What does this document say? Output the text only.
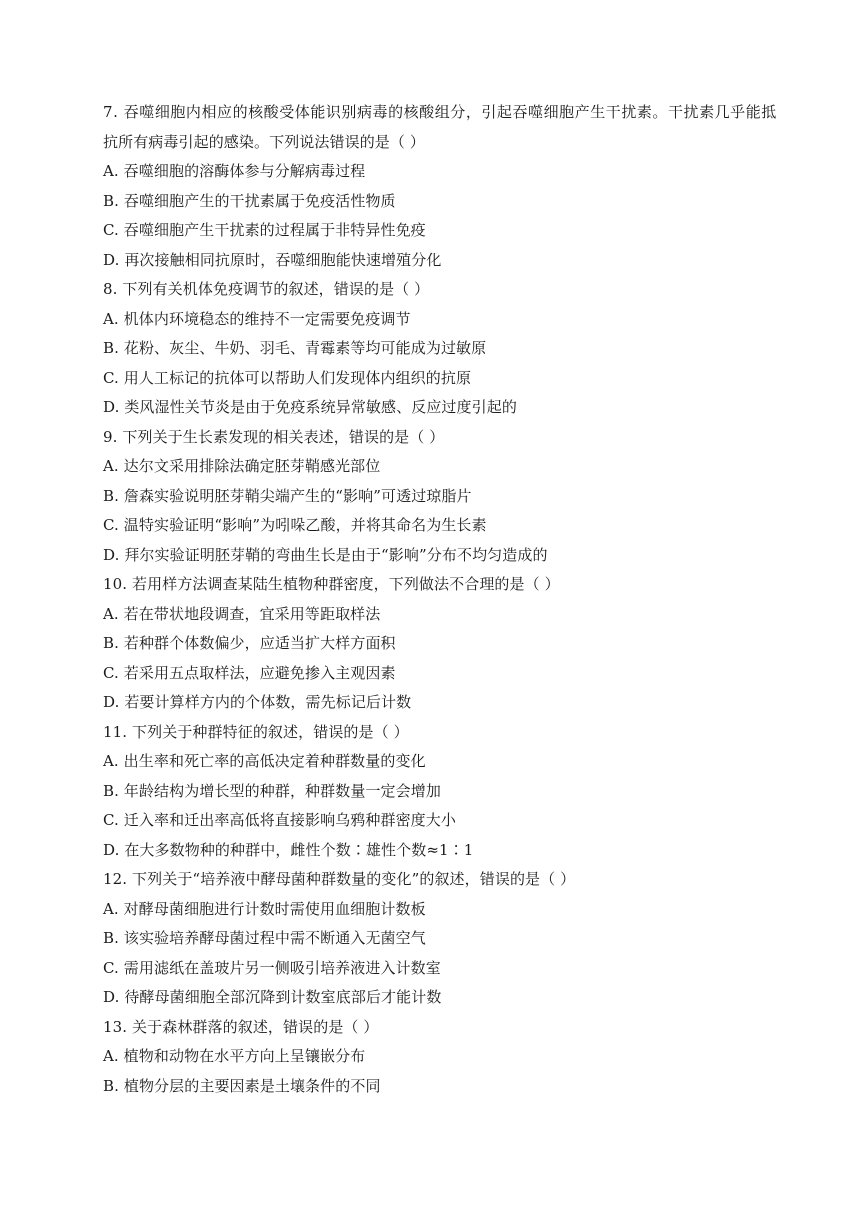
7. 吞噬细胞内相应的核酸受体能识别病毒的核酸组分，引起吞噬细胞产生干扰素。干扰素几乎能抵
抗所有病毒引起的感染。下列说法错误的是（ ）
A. 吞噬细胞的溶酶体参与分解病毒过程
B. 吞噬细胞产生的干扰素属于免疫活性物质
C. 吞噬细胞产生干扰素的过程属于非特异性免疫
D. 再次接触相同抗原时，吞噬细胞能快速增殖分化
8. 下列有关机体免疫调节的叙述，错误的是（ ）
A. 机体内环境稳态的维持不一定需要免疫调节
B. 花粉、灰尘、牛奶、羽毛、青霉素等均可能成为过敏原
C. 用人工标记的抗体可以帮助人们发现体内组织的抗原
D. 类风湿性关节炎是由于免疫系统异常敏感、反应过度引起的
9. 下列关于生长素发现的相关表述，错误的是（ ）
A. 达尔文采用排除法确定胚芽鞘感光部位
B. 詹森实验说明胚芽鞘尖端产生的“影响”可透过琼脂片
C. 温特实验证明“影响”为吲哚乙酸，并将其命名为生长素
D. 拜尔实验证明胚芽鞘的弯曲生长是由于“影响”分布不均匀造成的
10. 若用样方法调查某陆生植物种群密度，下列做法不合理的是（ ）
A. 若在带状地段调查，宜采用等距取样法
B. 若种群个体数偏少，应适当扩大样方面积
C. 若采用五点取样法，应避免掺入主观因素
D. 若要计算样方内的个体数，需先标记后计数
11. 下列关于种群特征的叙述，错误的是（ ）
A. 出生率和死亡率的高低决定着种群数量的变化
B. 年龄结构为增长型的种群，种群数量一定会增加
C. 迁入率和迁出率高低将直接影响乌鸦种群密度大小
D. 在大多数物种的种群中，雌性个数∶雄性个数≈1∶1
12. 下列关于“培养液中酵母菌种群数量的变化”的叙述，错误的是（ ）
A. 对酵母菌细胞进行计数时需使用血细胞计数板
B. 该实验培养酵母菌过程中需不断通入无菌空气
C. 需用滤纸在盖玻片另一侧吸引培养液进入计数室
D. 待酵母菌细胞全部沉降到计数室底部后才能计数
13. 关于森林群落的叙述，错误的是（ ）
A. 植物和动物在水平方向上呈镶嵌分布
B. 植物分层的主要因素是土壤条件的不同
